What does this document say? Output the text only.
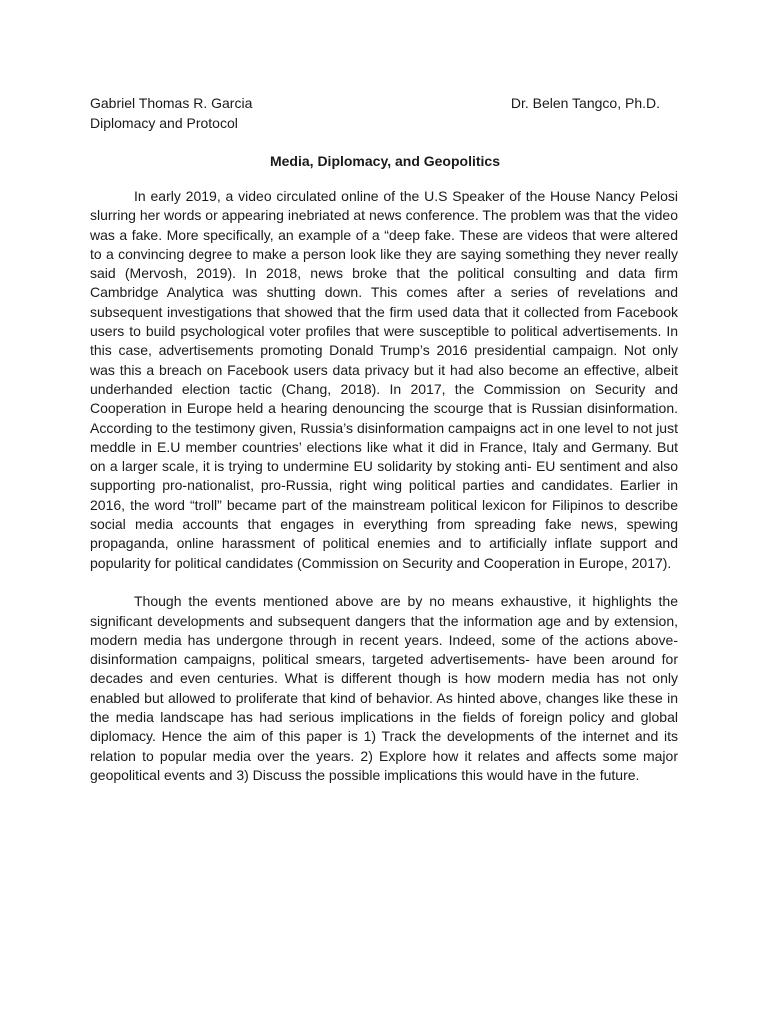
Gabriel Thomas R. Garcia	Dr. Belen Tangco, Ph.D.
Diplomacy and Protocol
Media, Diplomacy, and Geopolitics

In early 2019, a video circulated online of the U.S Speaker of the House Nancy Pelosi slurring her words or appearing inebriated at news conference. The problem was that the video was a fake. More specifically, an example of a “deep fake. These are videos that were altered to a convincing degree to make a person look like they are saying something they never really said (Mervosh, 2019). In 2018, news broke that the political consulting and data firm Cambridge Analytica was shutting down. This comes after a series of revelations and subsequent investigations that showed that the firm used data that it collected from Facebook users to build psychological voter profiles that were susceptible to political advertisements. In this case, advertisements promoting Donald Trump’s 2016 presidential campaign. Not only was this a breach on Facebook users data privacy but it had also become an effective, albeit underhanded election tactic (Chang, 2018). In 2017, the Commission on Security and Cooperation in Europe held a hearing denouncing the scourge that is Russian disinformation. According to the testimony given, Russia’s disinformation campaigns act in one level to not just meddle in E.U member countries’ elections like what it did in France, Italy and Germany. But on a larger scale, it is trying to undermine EU solidarity by stoking anti- EU sentiment and also supporting pro-nationalist, pro-Russia, right wing political parties and candidates. Earlier in 2016, the word “troll” became part of the mainstream political lexicon for Filipinos to describe social media accounts that engages in everything from spreading fake news, spewing propaganda, online harassment of political enemies and to artificially inflate support and popularity for political candidates (Commission on Security and Cooperation in Europe, 2017).

Though the events mentioned above are by no means exhaustive, it highlights the significant developments and subsequent dangers that the information age and by extension, modern media has undergone through in recent years. Indeed, some of the actions above- disinformation campaigns, political smears, targeted advertisements- have been around for decades and even centuries. What is different though is how modern media has not only enabled but allowed to proliferate that kind of behavior. As hinted above, changes like these in the media landscape has had serious implications in the fields of foreign policy and global diplomacy. Hence the aim of this paper is 1) Track the developments of the internet and its relation to popular media over the years. 2) Explore how it relates and affects some major geopolitical events and 3) Discuss the possible implications this would have in the future.
